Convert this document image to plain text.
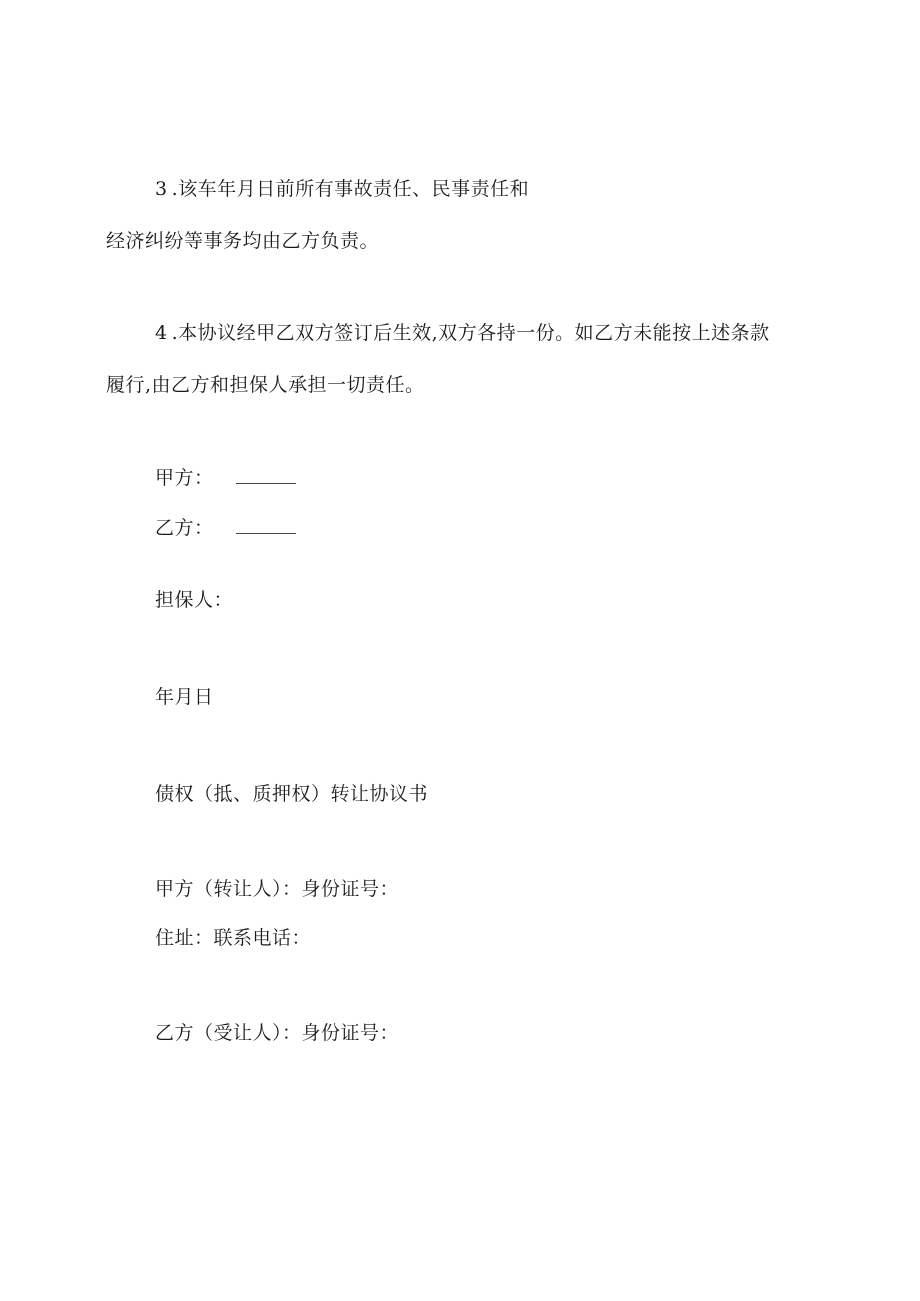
3 .该车年月日前所有事故责任、民事责任和
经济纠纷等事务均由乙方负责。
4 .本协议经甲乙双方签订后生效,双方各持一份。如乙方未能按上述条款
履行,由乙方和担保人承担一切责任。
甲方：
乙方：
担保人：
年月日
债权（抵、质押权）转让协议书
甲方（转让人）：身份证号：
住址：联系电话：
乙方（受让人）：身份证号：
